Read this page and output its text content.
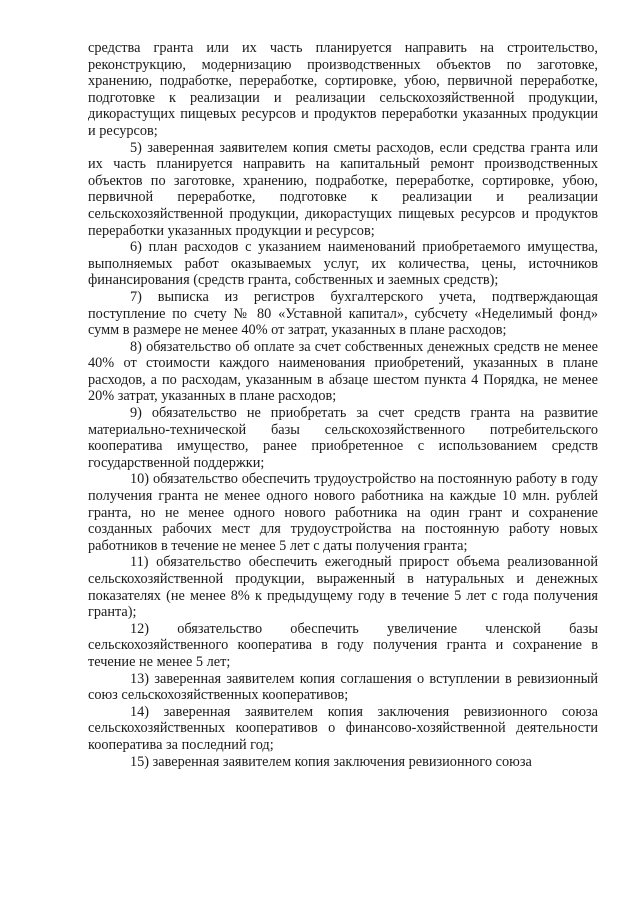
средства гранта или их часть планируется направить на строительство, реконструкцию, модернизацию производственных объектов по заготовке, хранению, подработке, переработке, сортировке, убою, первичной переработке, подготовке к реализации и реализации сельскохозяйственной продукции, дикорастущих пищевых ресурсов и продуктов переработки указанных продукции и ресурсов;

5) заверенная заявителем копия сметы расходов, если средства гранта или их часть планируется направить на капитальный ремонт производственных объектов по заготовке, хранению, подработке, переработке, сортировке, убою, первичной переработке, подготовке к реализации и реализации сельскохозяйственной продукции, дикорастущих пищевых ресурсов и продуктов переработки указанных продукции и ресурсов;

6) план расходов с указанием наименований приобретаемого имущества, выполняемых работ оказываемых услуг, их количества, цены, источников финансирования (средств гранта, собственных и заемных средств);

7) выписка из регистров бухгалтерского учета, подтверждающая поступление по счету № 80 «Уставной капитал», субсчету «Неделимый фонд» сумм в размере не менее 40% от затрат, указанных в плане расходов;

8) обязательство об оплате за счет собственных денежных средств не менее 40% от стоимости каждого наименования приобретений, указанных в плане расходов, а по расходам, указанным в абзаце шестом пункта 4 Порядка, не менее 20% затрат, указанных в плане расходов;

9) обязательство не приобретать за счет средств гранта на развитие материально-технической базы сельскохозяйственного потребительского кооператива имущество, ранее приобретенное с использованием средств государственной поддержки;

10) обязательство обеспечить трудоустройство на постоянную работу в году получения гранта не менее одного нового работника на каждые 10 млн. рублей гранта, но не менее одного нового работника на один грант и сохранение созданных рабочих мест для трудоустройства на постоянную работу новых работников в течение не менее 5 лет с даты получения гранта;

11) обязательство обеспечить ежегодный прирост объема реализованной сельскохозяйственной продукции, выраженный в натуральных и денежных показателях (не менее 8% к предыдущему году в течение 5 лет с года получения гранта);

12) обязательство обеспечить увеличение членской базы сельскохозяйственного кооператива в году получения гранта и сохранение в течение не менее 5 лет;

13) заверенная заявителем копия соглашения о вступлении в ревизионный союз сельскохозяйственных кооперативов;

14) заверенная заявителем копия заключения ревизионного союза сельскохозяйственных кооперативов о финансово-хозяйственной деятельности кооператива за последний год;

15) заверенная заявителем копия заключения ревизионного союза
